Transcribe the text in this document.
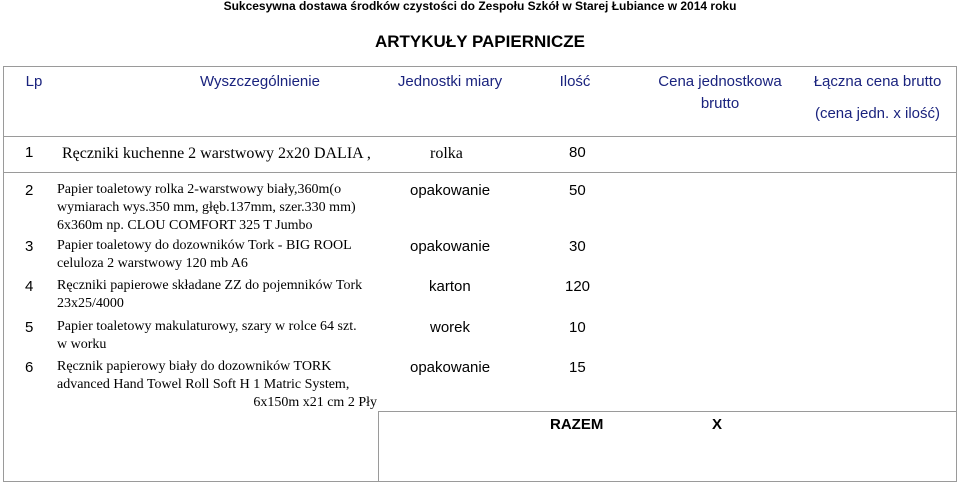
Sukcesywna dostawa środków czystości do Zespołu Szkół w Starej Łubiance w 2014 roku
ARTYKUŁY PAPIERNICZE
Lp	Wyszczególnienie	Jednostki miary	Ilość	Cena jednostkowa
brutto
Łączna cena brutto
(cena jedn. x ilość)
1 Ręczniki kuchenne 2 warstwowy 2x20 DALIA ,	rolka	80
2 Papier toaletowy rolka 2-warstwowy biały,360m(o
wymiarach wys.350 mm, głęb.137mm, szer.330 mm)
6x360m np. CLOU COMFORT 325 T Jumbo
opakowanie	50
3 Papier toaletowy do dozowników Tork - BIG ROOL
celuloza 2 warstwowy 120 mb A6
opakowanie	30
4 Ręczniki papierowe składane ZZ do pojemników Tork
23x25/4000
karton	120
5 Papier toaletowy makulaturowy, szary w rolce 64 szt.
w worku
worek	10
6 Ręcznik papierowy biały do dozowników TORK
advanced Hand Towel Roll Soft H 1 Matric System,
6x150m x21 cm 2 Pły
opakowanie	15
RAZEM	X
